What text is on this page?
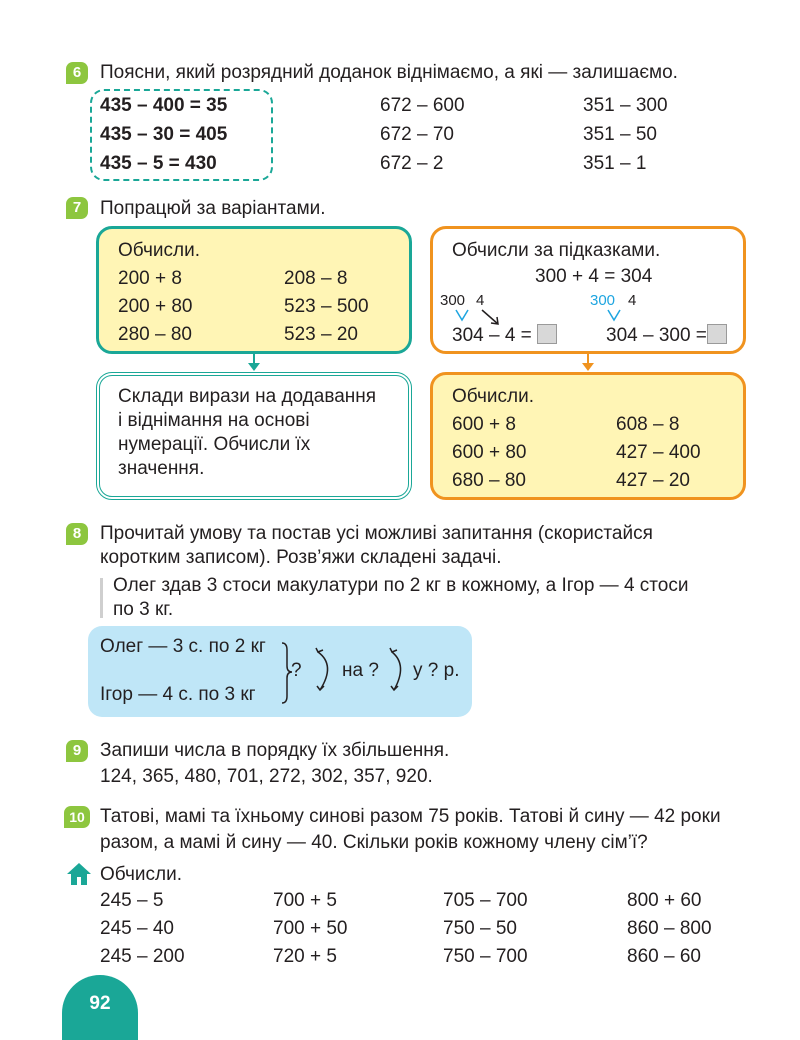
6 Поясни, який розрядний доданок віднімаємо, а які — залишаємо.
435 – 400 = 35
435 – 30 = 405
435 – 5 = 430
672 – 600
672 – 70
672 – 2
351 – 300
351 – 50
351 – 1
7 Попрацюй за варіантами.
Обчисли.
200 + 8
200 + 80
280 – 80
208 – 8
523 – 500
523 – 20
Обчисли за підказками.
300 + 4 = 304
300 4	300 4
304 – 4 =	304 – 300 =
Склади вирази на додавання
і віднімання на основі
нумерації. Обчисли їх
значення.
Обчисли.
600 + 8
600 + 80
680 – 80
608 – 8
427 – 400
427 – 20
8 Прочитай умову та постав усі можливі запитання (скористайся
коротким записом). Розв’яжи складені задачі.
Олег здав 3 стоси макулатури по 2 кг в кожному, а Ігор — 4 стоси
по 3 кг.
Олег — 3 с. по 2 кг
Ігор — 4 с. по 3 кг
? на ? у ? р.
9 Запиши числа в порядку їх збільшення.
124, 365, 480, 701, 272, 302, 357, 920.
10 Татові, мамі та їхньому синові разом 75 років. Татові й сину — 42 роки
разом, а мамі й сину — 40. Скільки років кожному члену сім’ї?
Обчисли.
245 – 5
245 – 40
245 – 200
700 + 5
700 + 50
720 + 5
705 – 700
750 – 50
750 – 700
800 + 60
860 – 800
860 – 60
92
